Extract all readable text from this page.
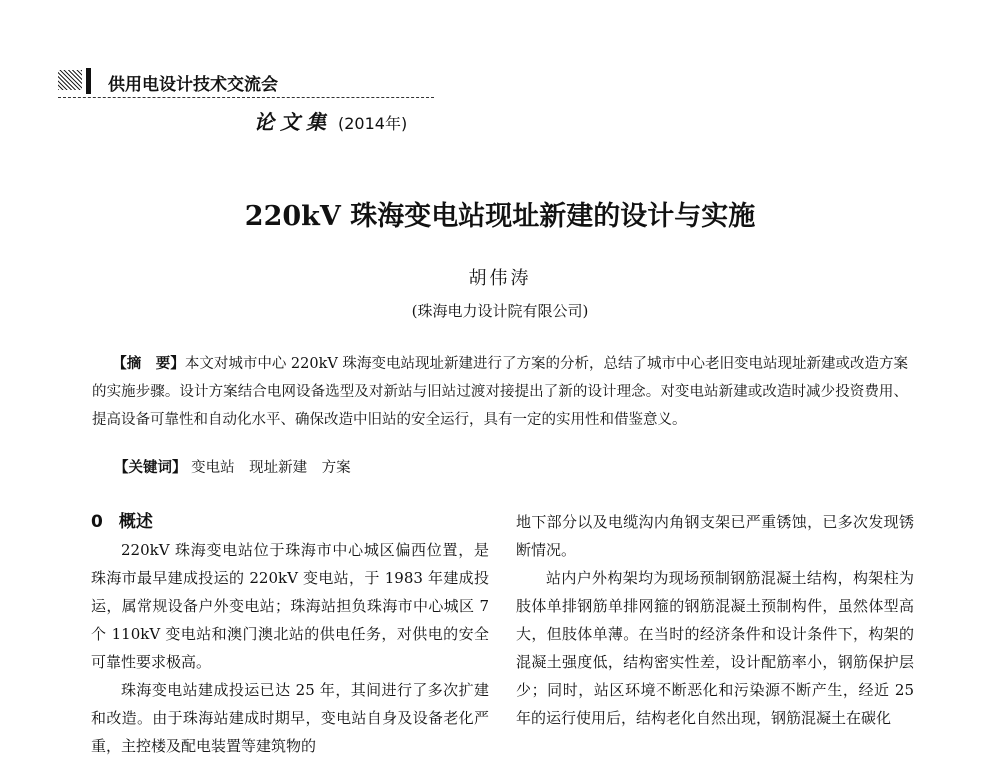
供用电设计技术交流会
论文集 (2014年)
220kV 珠海变电站现址新建的设计与实施
胡伟涛
(珠海电力设计院有限公司)

【摘　要】本文对城市中心 220kV 珠海变电站现址新建进行了方案的分析，总结了城市中心老旧变电站现址新建或改造方案的实施步骤。设计方案结合电网设备选型及对新站与旧站过渡对接提出了新的设计理念。对变电站新建或改造时减少投资费用、提高设备可靠性和自动化水平、确保改造中旧站的安全运行，具有一定的实用性和借鉴意义。

【关键词】 变电站　现址新建　方案
0 概述

220kV 珠海变电站位于珠海市中心城区偏西位置，是珠海市最早建成投运的 220kV 变电站，于 1983 年建成投运，属常规设备户外变电站；珠海站担负珠海市中心城区 7 个 110kV 变电站和澳门澳北站的供电任务，对供电的安全可靠性要求极高。

珠海变电站建成投运已达 25 年，其间进行了多次扩建和改造。由于珠海站建成时期早，变电站自身及设备老化严重，主控楼及配电装置等建筑物的

地下部分以及电缆沟内角钢支架已严重锈蚀，已多次发现锈断情况。

站内户外构架均为现场预制钢筋混凝土结构，构架柱为肢体单排钢筋单排网箍的钢筋混凝土预制构件，虽然体型高大，但肢体单薄。在当时的经济条件和设计条件下，构架的混凝土强度低，结构密实性差，设计配筋率小，钢筋保护层少；同时，站区环境不断恶化和污染源不断产生，经近 25 年的运行使用后，结构老化自然出现，钢筋混凝土在碳化
